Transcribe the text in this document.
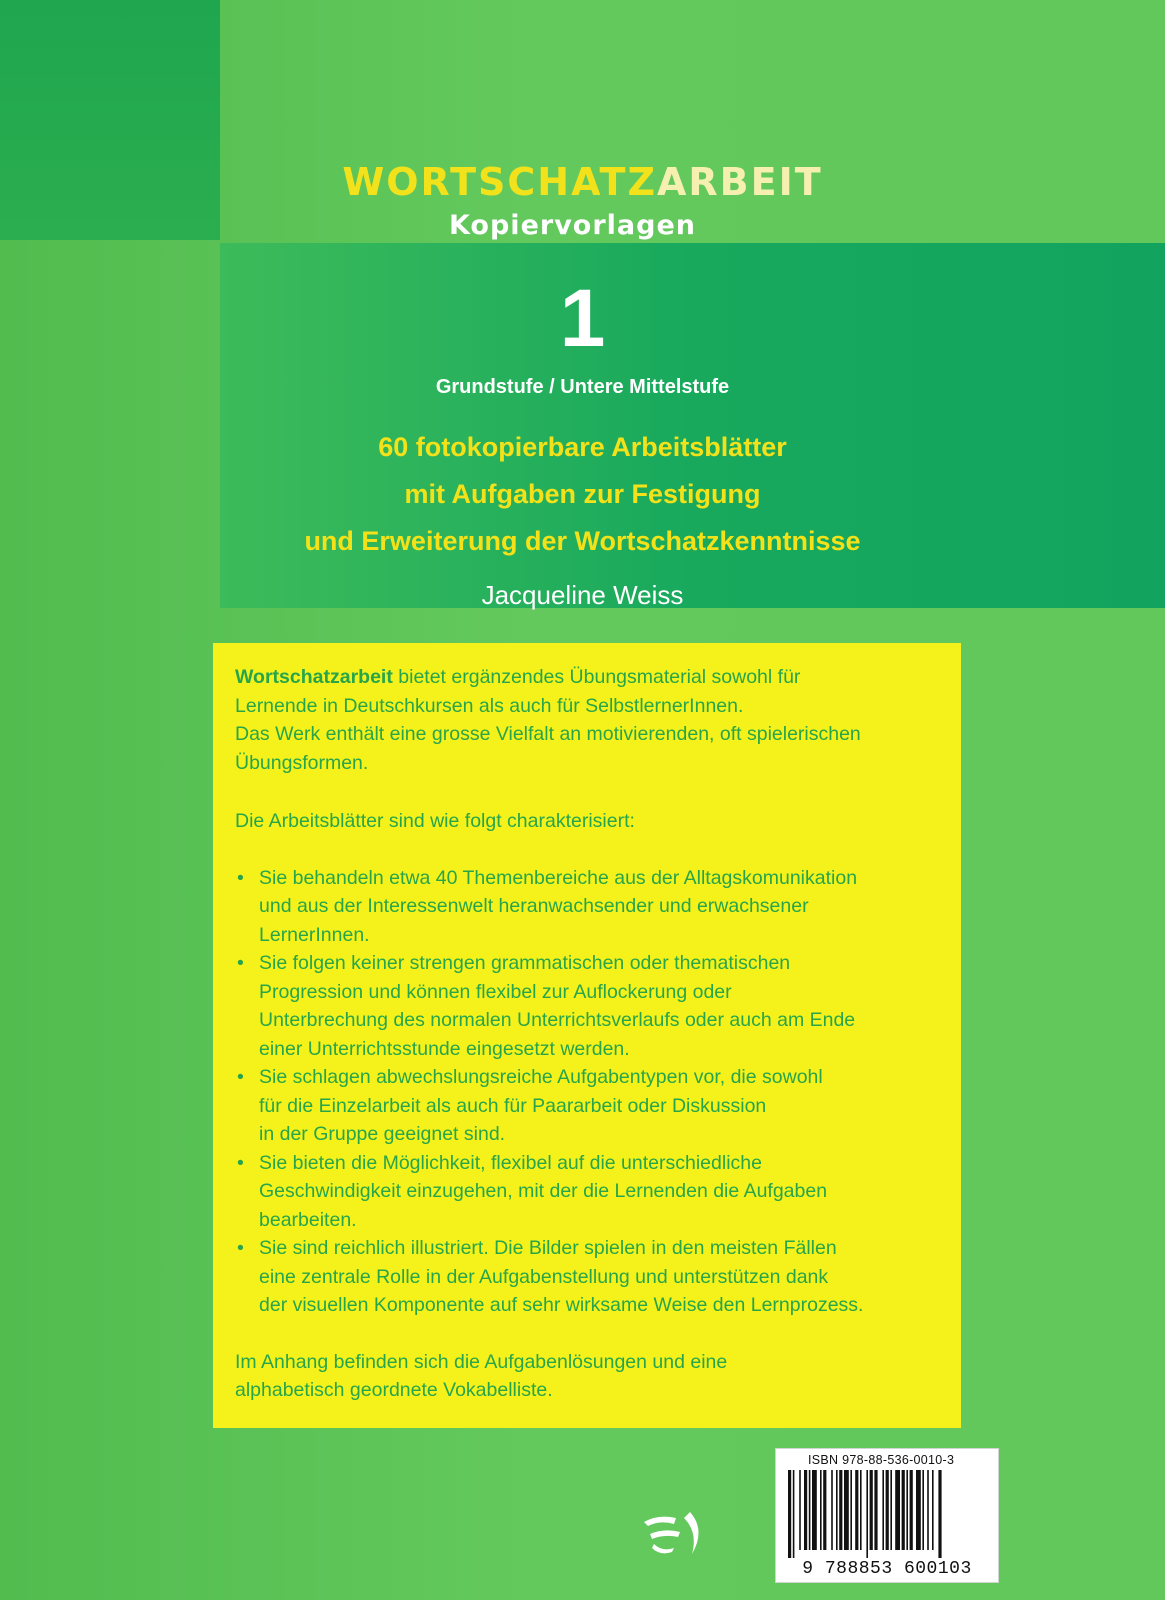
WORTSCHATZARBEIT
Kopiervorlagen
1
Grundstufe / Untere Mittelstufe
60 fotokopierbare Arbeitsblätter
mit Aufgaben zur Festigung
und Erweiterung der Wortschatzkenntnisse
Jacqueline Weiss

Wortschatzarbeit bietet ergänzendes Übungsmaterial sowohl für
Lernende in Deutschkursen als auch für SelbstlernerInnen.
Das Werk enthält eine grosse Vielfalt an motivierenden, oft spielerischen
Übungsformen.

Die Arbeitsblätter sind wie folgt charakterisiert:

• Sie behandeln etwa 40 Themenbereiche aus der Alltagskomunikation
und aus der Interessenwelt heranwachsender und erwachsener
LernerInnen.
• Sie folgen keiner strengen grammatischen oder thematischen
Progression und können flexibel zur Auflockerung oder
Unterbrechung des normalen Unterrichtsverlaufs oder auch am Ende
einer Unterrichtsstunde eingesetzt werden.
• Sie schlagen abwechslungsreiche Aufgabentypen vor, die sowohl
für die Einzelarbeit als auch für Paararbeit oder Diskussion
in der Gruppe geeignet sind.
• Sie bieten die Möglichkeit, flexibel auf die unterschiedliche
Geschwindigkeit einzugehen, mit der die Lernenden die Aufgaben
bearbeiten.
• Sie sind reichlich illustriert. Die Bilder spielen in den meisten Fällen
eine zentrale Rolle in der Aufgabenstellung und unterstützen dank
der visuellen Komponente auf sehr wirksame Weise den Lernprozess.

Im Anhang befinden sich die Aufgabenlösungen und eine
alphabetisch geordnete Vokabelliste.

ISBN 978-88-536-0010-3
9 788853 600103
